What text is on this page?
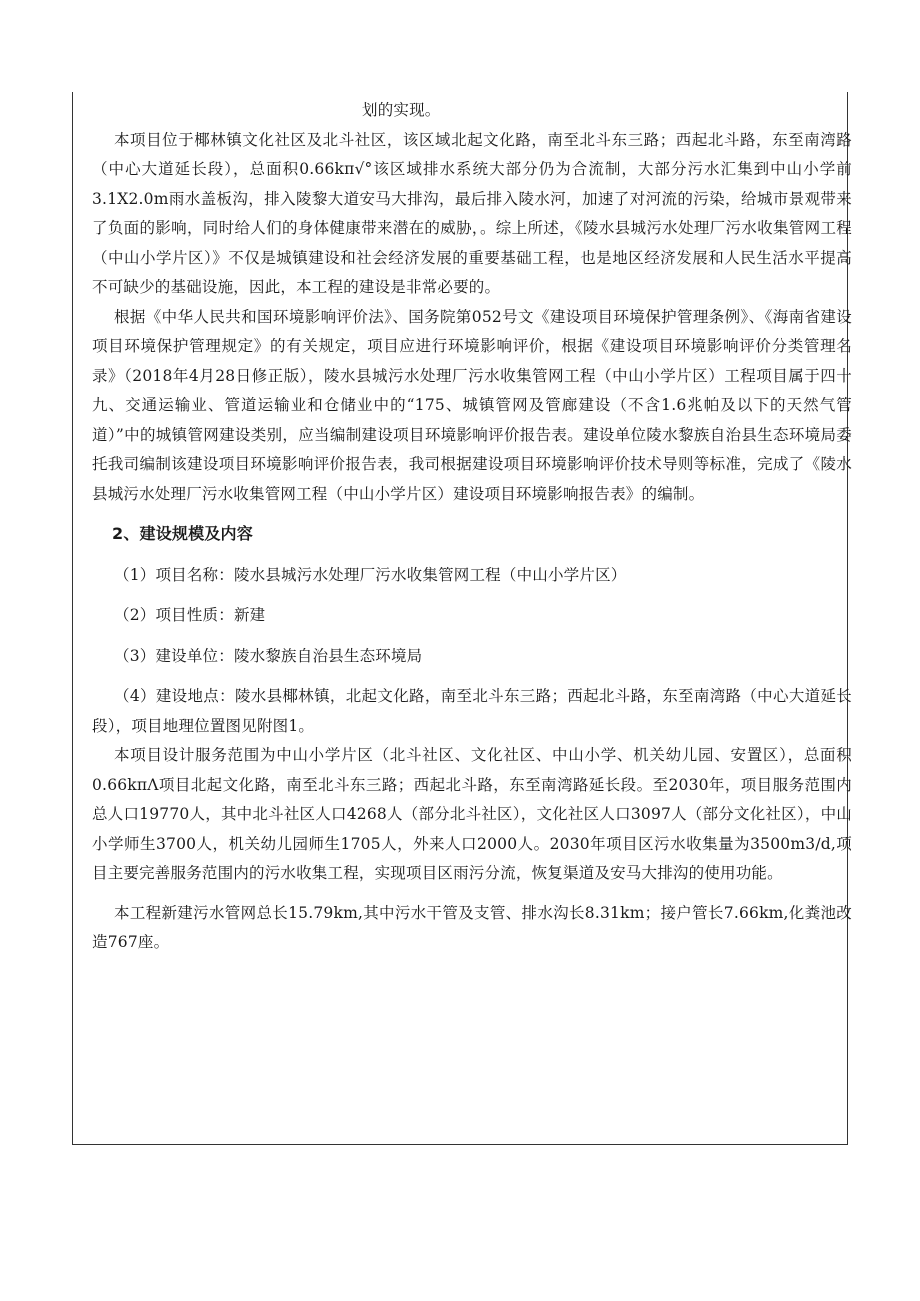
划的实现。

本项目位于椰林镇文化社区及北斗社区，该区域北起文化路，南至北斗东三路；西起北斗路，东至南湾路（中心大道延长段），总面积0.66kπ√°该区域排水系统大部分仍为合流制，大部分污水汇集到中山小学前3.1X2.0m雨水盖板沟，排入陵黎大道安马大排沟，最后排入陵水河，加速了对河流的污染，给城市景观带来了负面的影响，同时给人们的身体健康带来潜在的威胁，。综上所述，《陵水县城污水处理厂污水收集管网工程（中山小学片区）》不仅是城镇建设和社会经济发展的重要基础工程，也是地区经济发展和人民生活水平提高不可缺少的基础设施，因此，本工程的建设是非常必要的。

根据《中华人民共和国环境影响评价法》、国务院第052号文《建设项目环境保护管理条例》、《海南省建设项目环境保护管理规定》的有关规定，项目应进行环境影响评价，根据《建设项目环境影响评价分类管理名录》（2018年4月28日修正版），陵水县城污水处理厂污水收集管网工程（中山小学片区）工程项目属于四十九、交通运输业、管道运输业和仓储业中的“175、城镇管网及管廊建设（不含1.6兆帕及以下的天然气管道）”中的城镇管网建设类别，应当编制建设项目环境影响评价报告表。建设单位陵水黎族自治县生态环境局委托我司编制该建设项目环境影响评价报告表，我司根据建设项目环境影响评价技术导则等标准，完成了《陵水县城污水处理厂污水收集管网工程（中山小学片区）建设项目环境影响报告表》的编制。

2、建设规模及内容

（1）项目名称：陵水县城污水处理厂污水收集管网工程（中山小学片区）

（2）项目性质：新建

（3）建设单位：陵水黎族自治县生态环境局

（4）建设地点：陵水县椰林镇，北起文化路，南至北斗东三路；西起北斗路，东至南湾路（中心大道延长段），项目地理位置图见附图1。

本项目设计服务范围为中山小学片区（北斗社区、文化社区、中山小学、机关幼儿园、安置区），总面积0.66kπΛ项目北起文化路，南至北斗东三路；西起北斗路，东至南湾路延长段。至2030年，项目服务范围内总人口19770人，其中北斗社区人口4268人（部分北斗社区），文化社区人口3097人（部分文化社区），中山小学师生3700人，机关幼儿园师生1705人，外来人口2000人。2030年项目区污水收集量为3500m3∕d,项目主要完善服务范围内的污水收集工程，实现项目区雨污分流，恢复渠道及安马大排沟的使用功能。

本工程新建污水管网总长15.79km,其中污水干管及支管、排水沟长8.31km；接户管长7.66km,化粪池改造767座。
